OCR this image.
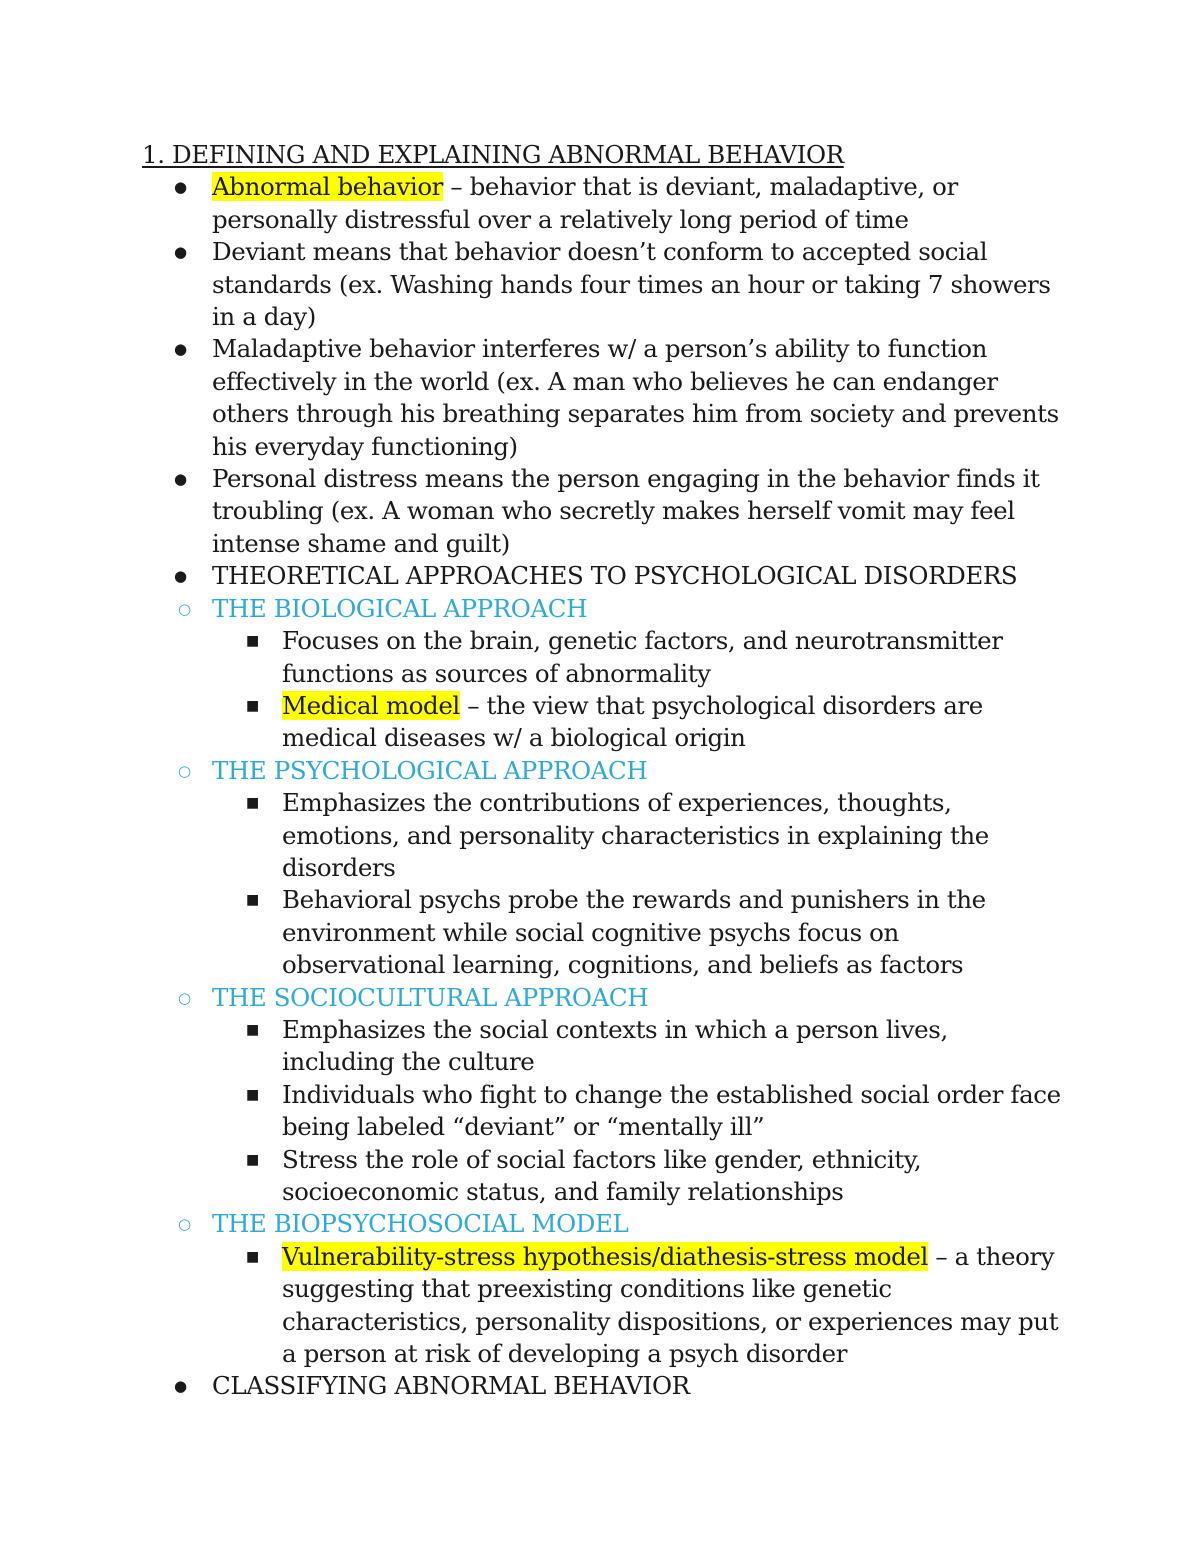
1. DEFINING AND EXPLAINING ABNORMAL BEHAVIOR
● Abnormal behavior – behavior that is deviant, maladaptive, or personally distressful over a relatively long period of time
● Deviant means that behavior doesn’t conform to accepted social standards (ex. Washing hands four times an hour or taking 7 showers in a day)
● Maladaptive behavior interferes w/ a person’s ability to function effectively in the world (ex. A man who believes he can endanger others through his breathing separates him from society and prevents his everyday functioning)
● Personal distress means the person engaging in the behavior finds it troubling (ex. A woman who secretly makes herself vomit may feel intense shame and guilt)
● THEORETICAL APPROACHES TO PSYCHOLOGICAL DISORDERS
○ THE BIOLOGICAL APPROACH
■ Focuses on the brain, genetic factors, and neurotransmitter functions as sources of abnormality
■ Medical model – the view that psychological disorders are medical diseases w/ a biological origin
○ THE PSYCHOLOGICAL APPROACH
■ Emphasizes the contributions of experiences, thoughts, emotions, and personality characteristics in explaining the disorders
■ Behavioral psychs probe the rewards and punishers in the environment while social cognitive psychs focus on observational learning, cognitions, and beliefs as factors
○ THE SOCIOCULTURAL APPROACH
■ Emphasizes the social contexts in which a person lives, including the culture
■ Individuals who fight to change the established social order face being labeled “deviant” or “mentally ill”
■ Stress the role of social factors like gender, ethnicity, socioeconomic status, and family relationships
○ THE BIOPSYCHOSOCIAL MODEL
■ Vulnerability-stress hypothesis/diathesis-stress model – a theory suggesting that preexisting conditions like genetic characteristics, personality dispositions, or experiences may put a person at risk of developing a psych disorder
● CLASSIFYING ABNORMAL BEHAVIOR
